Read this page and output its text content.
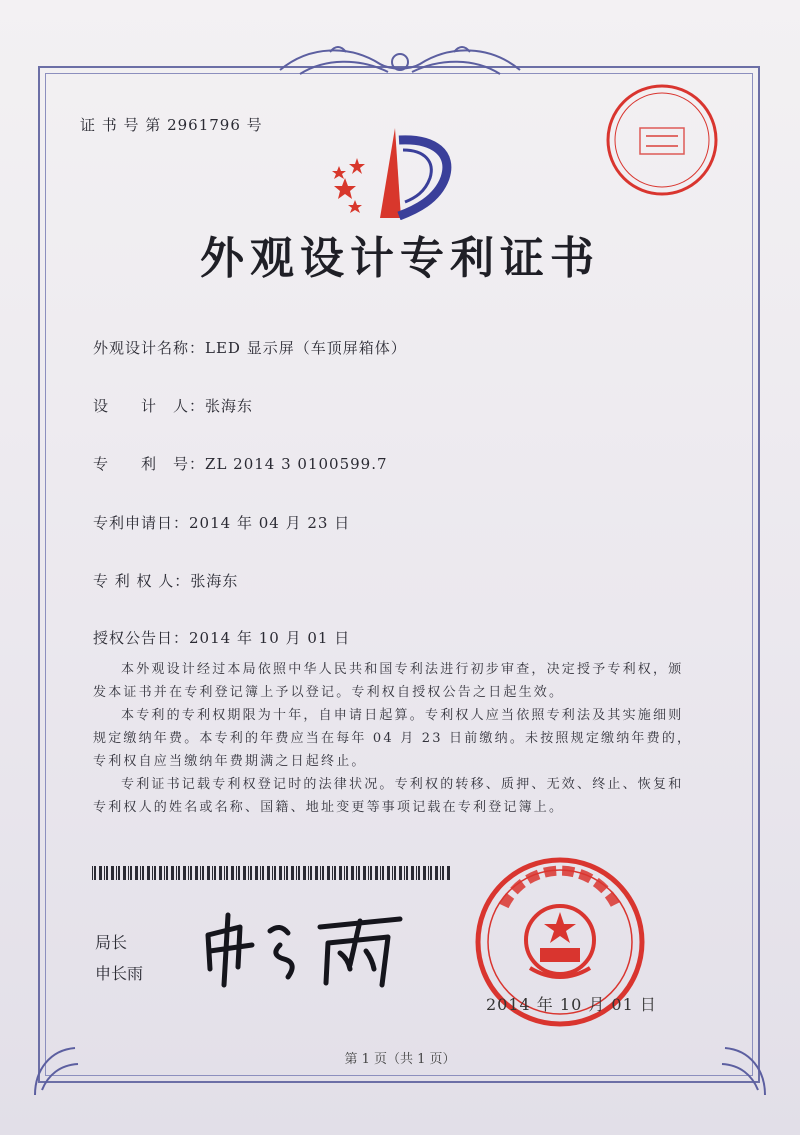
证 书 号 第 2961796 号
外观设计专利证书
外观设计名称：LED 显示屏（车顶屏箱体）
设　　计　人：张海东
专　　利　号：ZL 2014 3 0100599.7
专利申请日：2014 年 04 月 23 日
专 利 权 人：张海东
授权公告日：2014 年 10 月 01 日

本外观设计经过本局依照中华人民共和国专利法进行初步审查，决定授予专利权，颁发本证书并在专利登记簿上予以登记。专利权自授权公告之日起生效。

本专利的专利权期限为十年，自申请日起算。专利权人应当依照专利法及其实施细则规定缴纳年费。本专利的年费应当在每年 04 月 23 日前缴纳。未按照规定缴纳年费的，专利权自应当缴纳年费期满之日起终止。

专利证书记载专利权登记时的法律状况。专利权的转移、质押、无效、终止、恢复和专利权人的姓名或名称、国籍、地址变更等事项记载在专利登记簿上。

局长
申长雨
2014 年 10 月 01 日
第 1 页（共 1 页）
